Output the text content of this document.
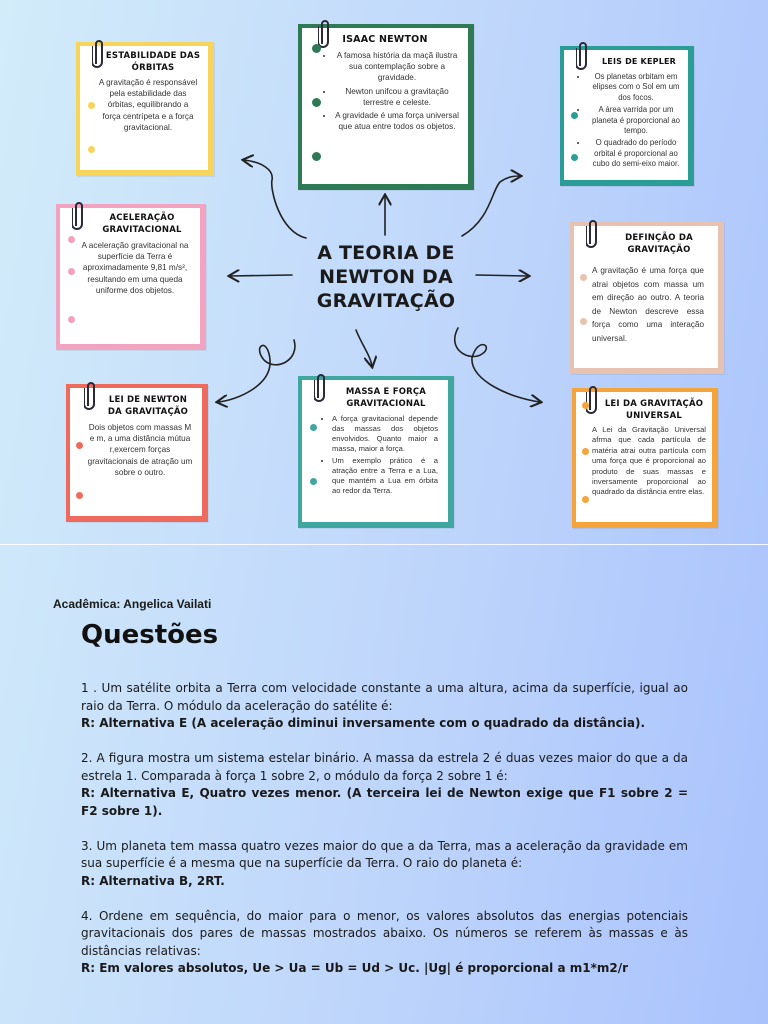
A TEORIA DE NEWTON DA GRAVITAÇÃO
ESTABILIDADE DAS ÓRBITAS
A gravitação é responsável pela estabilidade das órbitas, equilibrando a força centrípeta e a força gravitacional.
ISAAC NEWTON
• A famosa história da maçã ilustra sua contemplação sobre a gravidade.
• Newton unifcou a gravitação terrestre e celeste.
• A gravidade é uma força universal que atua entre todos os objetos.
LEIS DE KEPLER
• Os planetas orbitam em elipses com o Sol em um dos focos.
• A área varrida por um planeta é proporcional ao tempo.
• O quadrado do período orbital é proporcional ao cubo do semi-eixo maior.
ACELERAÇÃO GRAVITACIONAL
A aceleração gravitacional na superfície da Terra é aproximadamente 9,81 m/s², resultando em uma queda uniforme dos objetos.
DEFINÇÃO DA GRAVITAÇÃO
A gravitação é uma força que atrai objetos com massa um em direção ao outro. A teoria de Newton descreve essa força como uma interação universal.
LEI DE NEWTON DA GRAVITAÇÃO
Dois objetos com massas M e m, a uma distância mútua r,exercem forças gravitacionais de atração um sobre o outro.
MASSA E FORÇA GRAVITACIONAL
• A força gravitacional depende das massas dos objetos envolvidos. Quanto maior a massa, maior a força.
• Um exemplo prático é a atração entre a Terra e a Lua, que mantém a Lua em órbita ao redor da Terra.
LEI DA GRAVITAÇÃO UNIVERSAL
A Lei da Gravitação Universal afrma que cada partícula de matéria atrai outra partícula com uma força que é proporcional ao produto de suas massas e inversamente proporcional ao quadrado da distância entre elas.
Acadêmica: Angelica Vailati
Questões

1 . Um satélite orbita a Terra com velocidade constante a uma altura, acima da superfície, igual ao raio da Terra. O módulo da aceleração do satélite é:

R: Alternativa E (A aceleração diminui inversamente com o quadrado da distância).

2. A figura mostra um sistema estelar binário. A massa da estrela 2 é duas vezes maior do que a da estrela 1. Comparada à força 1 sobre 2, o módulo da força 2 sobre 1 é:

R: Alternativa E, Quatro vezes menor. (A terceira lei de Newton exige que F1 sobre 2 = F2 sobre 1).

3. Um planeta tem massa quatro vezes maior do que a da Terra, mas a aceleração da gravidade em sua superfície é a mesma que na superfície da Terra. O raio do planeta é:

R: Alternativa B, 2RT.

4. Ordene em sequência, do maior para o menor, os valores absolutos das energias potenciais gravitacionais dos pares de massas mostrados abaixo. Os números se referem às massas e às distâncias relativas:

R: Em valores absolutos, Ue > Ua = Ub = Ud > Uc. |Ug| é proporcional a m1*m2/r
